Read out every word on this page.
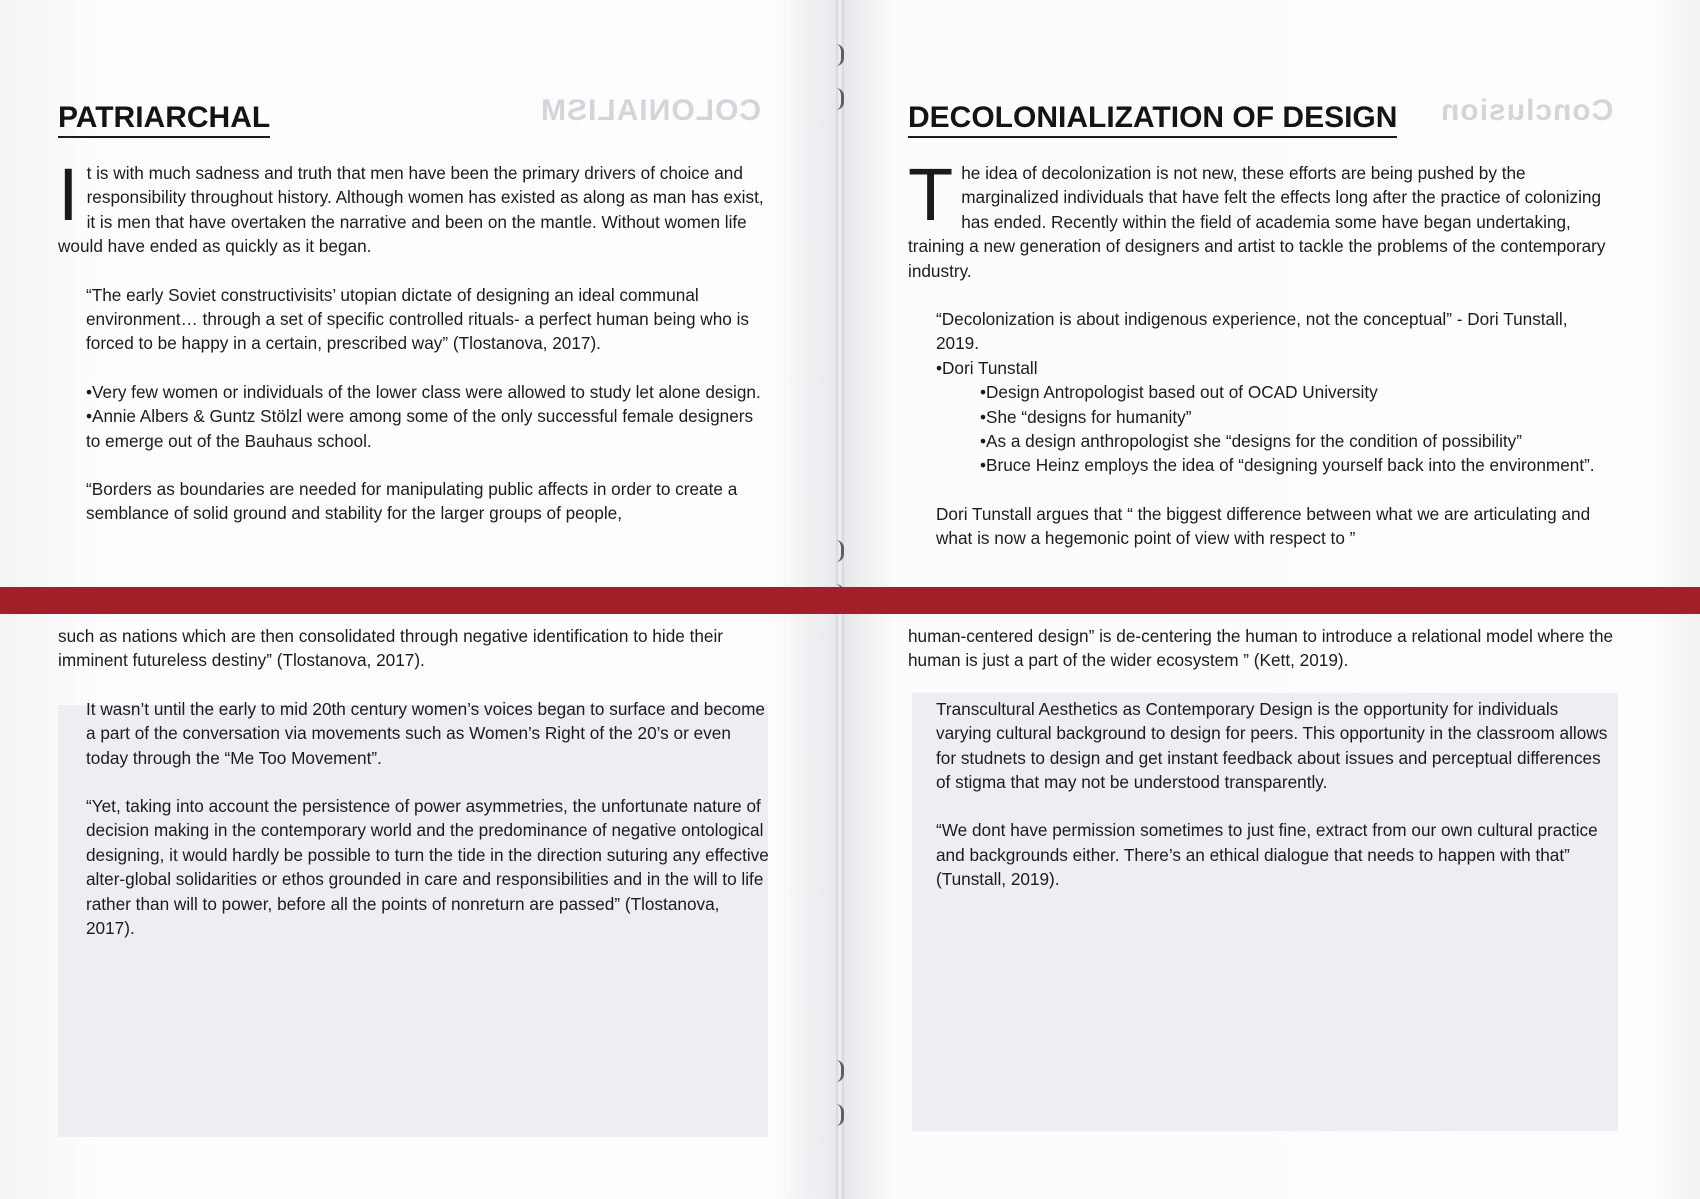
COLONIALISM	Conclusion
PATRIARCHAL

It is with much sadness and truth that men have been the primary drivers of choice and responsibility throughout history. Although women has existed as along as man has exist, it is men that have overtaken the narrative and been on the mantle. Without women life would have ended as quickly as it began.

“The early Soviet constructivisits’ utopian dictate of designing an ideal communal environment… through a set of specific controlled rituals- a perfect human being who is forced to be happy in a certain, prescribed way” (Tlostanova, 2017).

•Very few women or individuals of the lower class were allowed to study let alone design.

•Annie Albers & Guntz Stölzl were among some of the only successful female designers to emerge out of the Bauhaus school.

“Borders as boundaries are needed for manipulating public affects in order to create a semblance of solid ground and stability for the larger groups of people,

such as nations which are then consolidated through negative identification to hide their imminent futureless destiny” (Tlostanova, 2017).

It wasn’t until the early to mid 20th century women’s voices began to surface and become a part of the conversation via movements such as Women’s Right of the 20’s or even today through the “Me Too Movement”.

“Yet, taking into account the persistence of power asymmetries, the unfortunate nature of decision making in the contemporary world and the predominance of negative ontological designing, it would hardly be possible to turn the tide in the direction suturing any effective alter-global solidarities or ethos grounded in care and responsibilities and in the will to life rather than will to power, before all the points of nonreturn are passed” (Tlostanova, 2017).

DECOLONIALIZATION OF DESIGN

The idea of decolonization is not new, these efforts are being pushed by the marginalized individuals that have felt the effects long after the practice of colonizing has ended. Recently within the field of academia some have began undertaking, training a new generation of designers and artist to tackle the problems of the contemporary industry.

“Decolonization is about indigenous experience, not the conceptual” - Dori Tunstall, 2019.

•Dori Tunstall

•Design Antropologist based out of OCAD University

•She “designs for humanity”

•As a design anthropologist she “designs for the condition of possibility”

•Bruce Heinz employs the idea of “designing yourself back into the environment”.

Dori Tunstall argues that “ the biggest difference between what we are articulating and what is now a hegemonic point of view with respect to ”

human-centered design” is de-centering the human to introduce a relational model where the human is just a part of the wider ecosystem ” (Kett, 2019).

Transcultural Aesthetics as Contemporary Design is the opportunity for individuals varying cultural background to design for peers. This opportunity in the classroom allows for studnets to design and get instant feedback about issues and perceptual differences of stigma that may not be understood transparently.

“We dont have permission sometimes to just fine, extract from our own cultural practice and backgrounds either. There’s an ethical dialogue that needs to happen with that” (Tunstall, 2019).
